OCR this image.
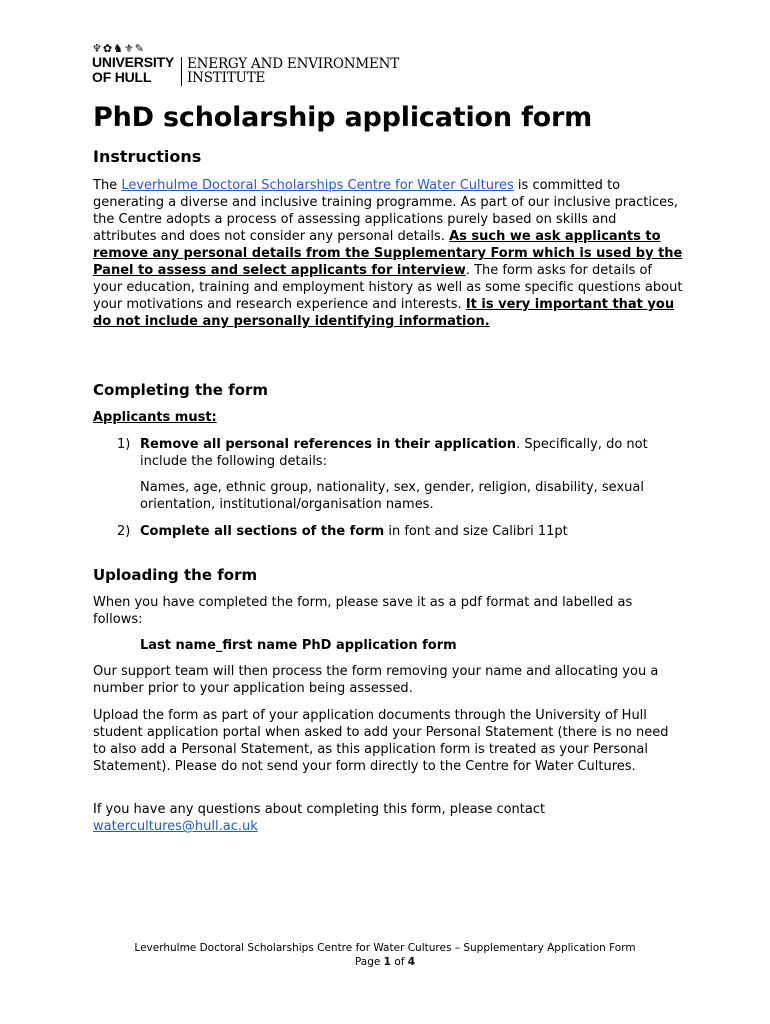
♆✿♞⚜✎
UNIVERSITY
OF HULL
ENERGY AND ENVIRONMENT
INSTITUTE
PhD scholarship application form
Instructions
The Leverhulme Doctoral Scholarships Centre for Water Cultures is committed to generating a diverse and inclusive training programme. As part of our inclusive practices, the Centre adopts a process of assessing applications purely based on skills and attributes and does not consider any personal details. As such we ask applicants to remove any personal details from the Supplementary Form which is used by the Panel to assess and select applicants for interview. The form asks for details of your education, training and employment history as well as some specific questions about your motivations and research experience and interests. It is very important that you do not include any personally identifying information.
Completing the form
Applicants must:
1) Remove all personal references in their application. Specifically, do not include the following details:
Names, age, ethnic group, nationality, sex, gender, religion, disability, sexual orientation, institutional/organisation names.
2) Complete all sections of the form in font and size Calibri 11pt
Uploading the form
When you have completed the form, please save it as a pdf format and labelled as follows:
Last name_first name PhD application form
Our support team will then process the form removing your name and allocating you a number prior to your application being assessed.
Upload the form as part of your application documents through the University of Hull student application portal when asked to add your Personal Statement (there is no need to also add a Personal Statement, as this application form is treated as your Personal Statement). Please do not send your form directly to the Centre for Water Cultures.
If you have any questions about completing this form, please contact watercultures@hull.ac.uk
Leverhulme Doctoral Scholarships Centre for Water Cultures – Supplementary Application Form
Page 1 of 4
